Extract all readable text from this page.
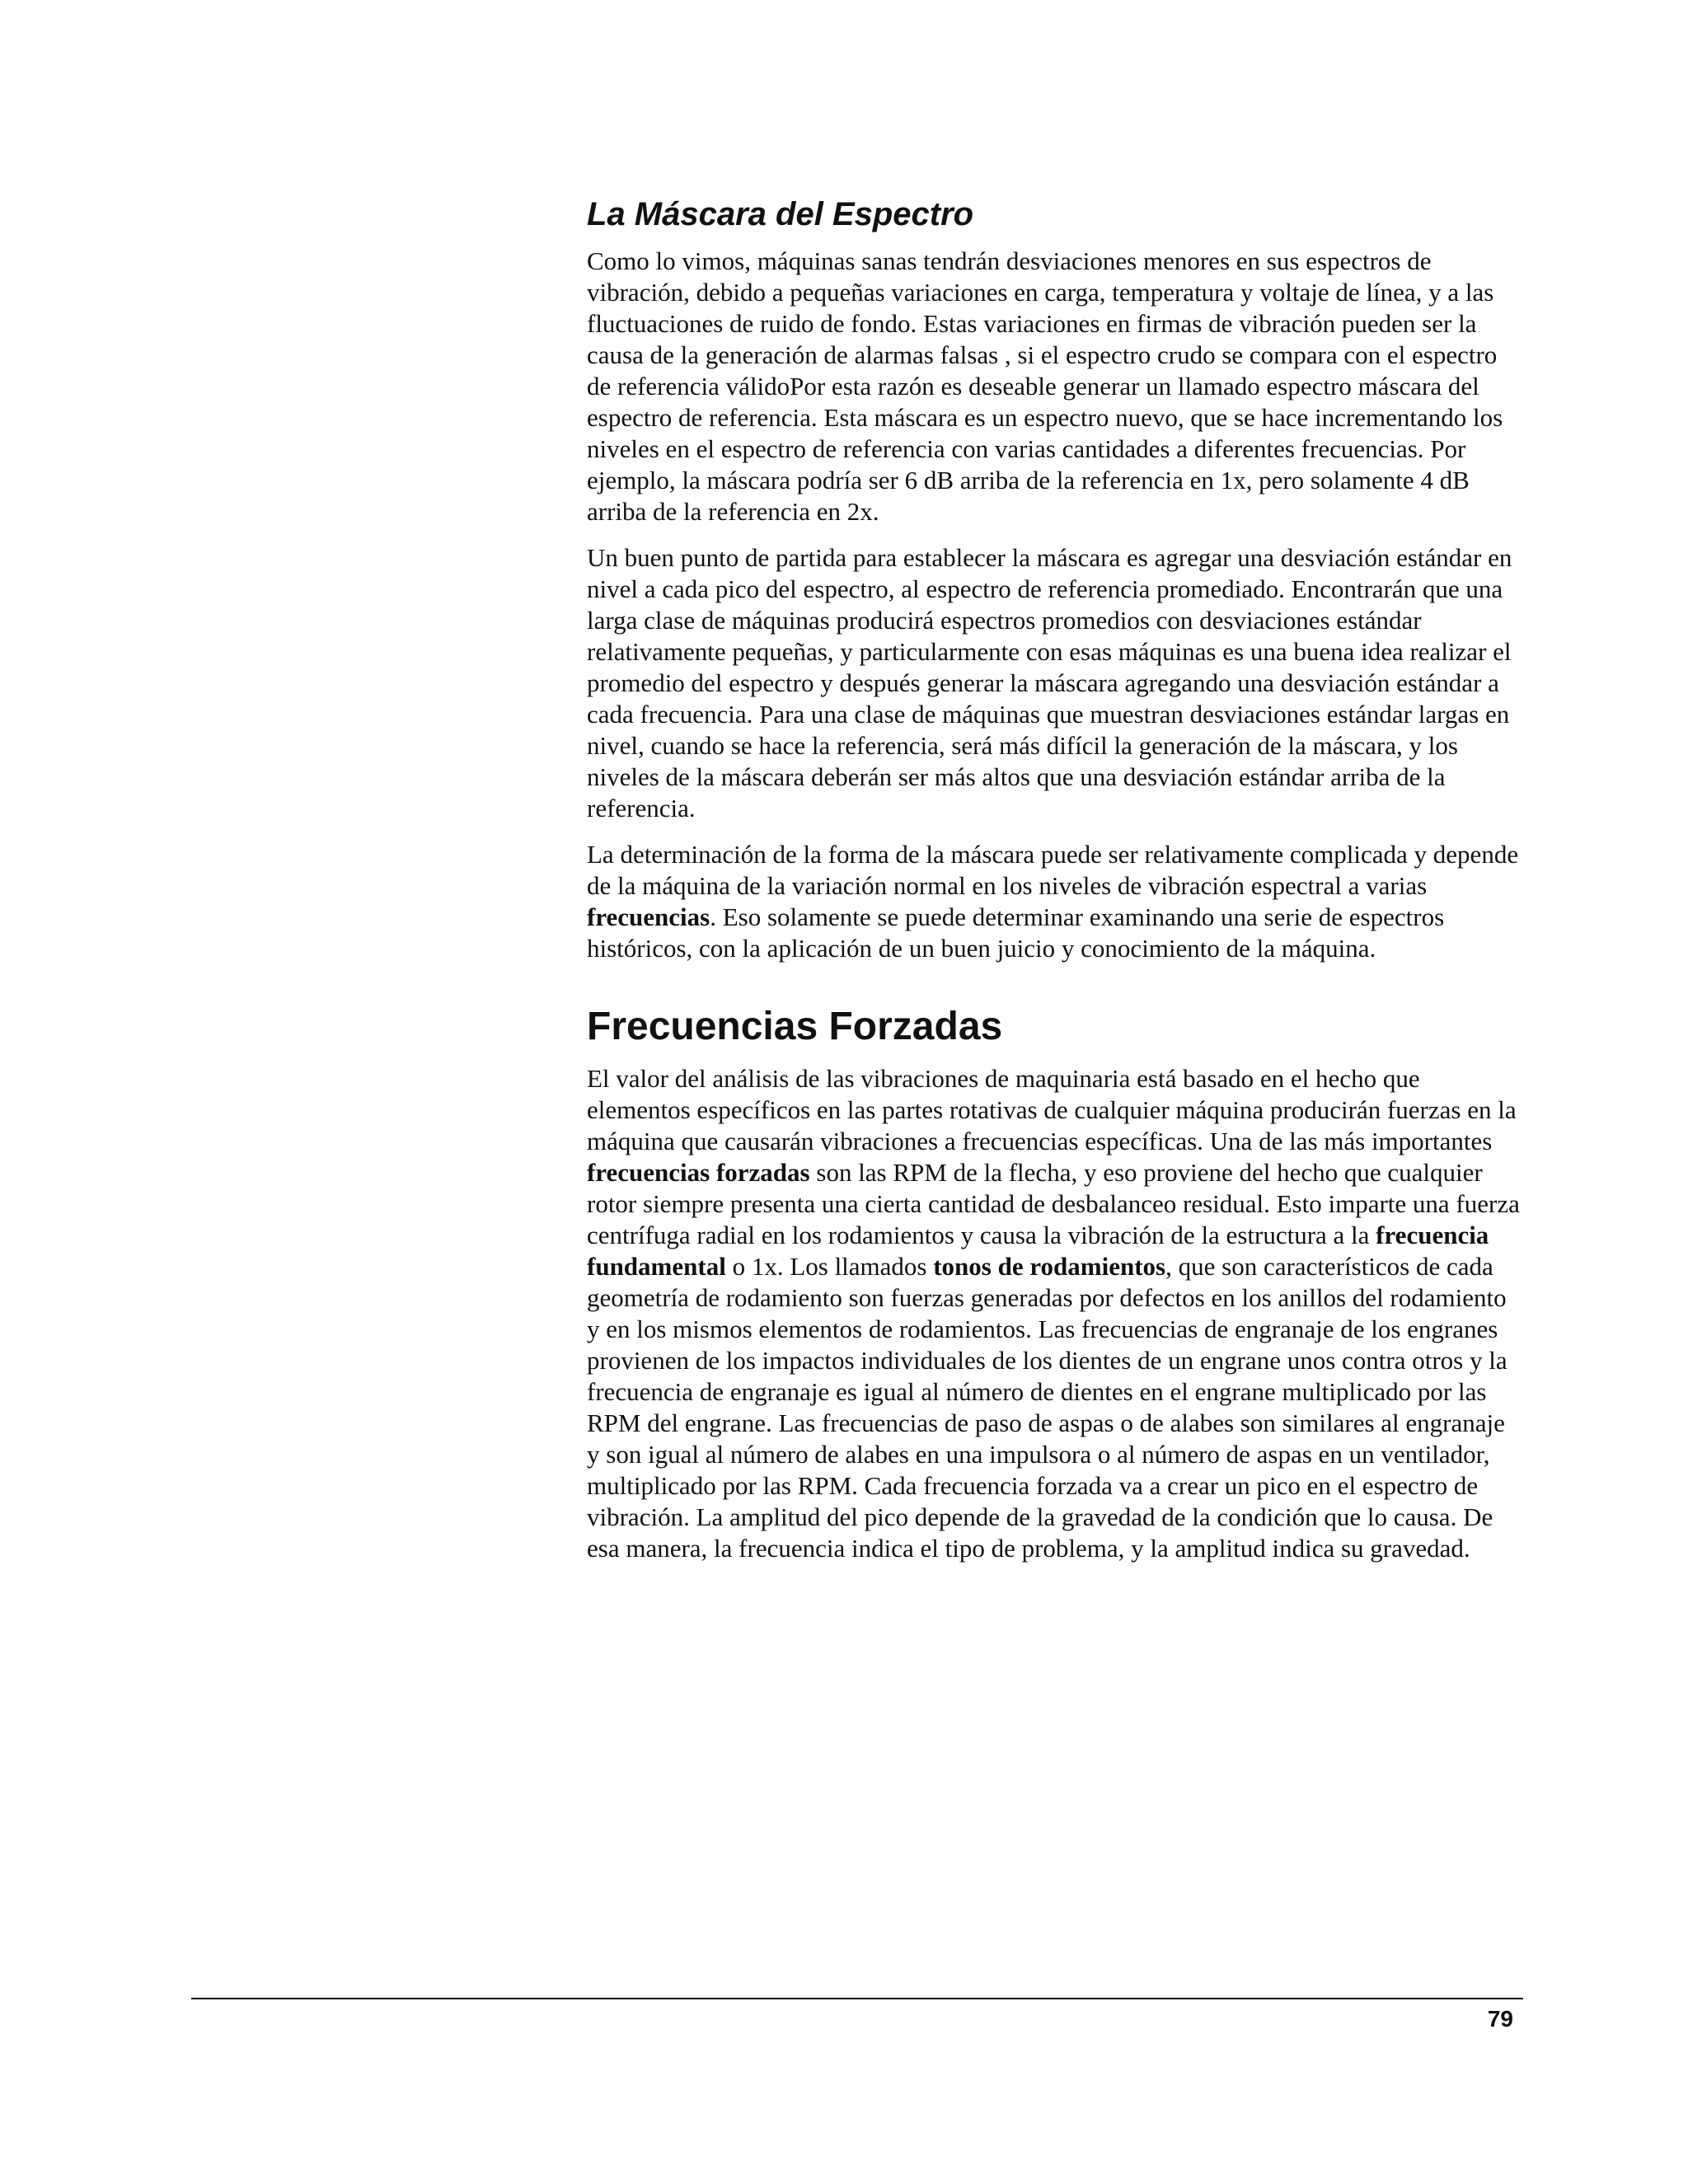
La Máscara del Espectro

Como lo vimos, máquinas sanas tendrán desviaciones menores en sus espectros de vibración, debido a pequeñas variaciones en carga, temperatura y voltaje de línea, y a las fluctuaciones de ruido de fondo. Estas variaciones en firmas de vibración pueden ser la causa de la generación de alarmas falsas , si el espectro crudo se compara con el espectro de referencia válidoPor esta razón es deseable generar un llamado espectro máscara del espectro de referencia. Esta máscara es un espectro nuevo, que se hace incrementando los niveles en el espectro de referencia con varias cantidades a diferentes frecuencias. Por ejemplo, la máscara podría ser 6 dB arriba de la referencia en 1x, pero solamente 4 dB arriba de la referencia en 2x.

Un buen punto de partida para establecer la máscara es agregar una desviación estándar en nivel a cada pico del espectro, al espectro de referencia promediado. Encontrarán que una larga clase de máquinas producirá espectros promedios con desviaciones estándar relativamente pequeñas, y particularmente con esas máquinas es una buena idea realizar el promedio del espectro y después generar la máscara agregando una desviación estándar a cada frecuencia. Para una clase de máquinas que muestran desviaciones estándar largas en nivel, cuando se hace la referencia, será más difícil la generación de la máscara, y los niveles de la máscara deberán ser más altos que una desviación estándar arriba de la referencia.

La determinación de la forma de la máscara puede ser relativamente complicada y depende de la máquina de la variación normal en los niveles de vibración espectral a varias frecuencias. Eso solamente se puede determinar examinando una serie de espectros históricos, con la aplicación de un buen juicio y conocimiento de la máquina.

Frecuencias Forzadas

El valor del análisis de las vibraciones de maquinaria está basado en el hecho que elementos específicos en las partes rotativas de cualquier máquina producirán fuerzas en la máquina que causarán vibraciones a frecuencias específicas. Una de las más importantes frecuencias forzadas son las RPM de la flecha, y eso proviene del hecho que cualquier rotor siempre presenta una cierta cantidad de desbalanceo residual. Esto imparte una fuerza centrífuga radial en los rodamientos y causa la vibración de la estructura a la frecuencia fundamental o 1x. Los llamados tonos de rodamientos, que son característicos de cada geometría de rodamiento son fuerzas generadas por defectos en los anillos del rodamiento y en los mismos elementos de rodamientos. Las frecuencias de engranaje de los engranes provienen de los impactos individuales de los dientes de un engrane unos contra otros y la frecuencia de engranaje es igual al número de dientes en el engrane multiplicado por las RPM del engrane. Las frecuencias de paso de aspas o de alabes son similares al engranaje y son igual al número de alabes en una impulsora o al número de aspas en un ventilador, multiplicado por las RPM. Cada frecuencia forzada va a crear un pico en el espectro de vibración. La amplitud del pico depende de la gravedad de la condición que lo causa. De esa manera, la frecuencia indica el tipo de problema, y la amplitud indica su gravedad.

79
